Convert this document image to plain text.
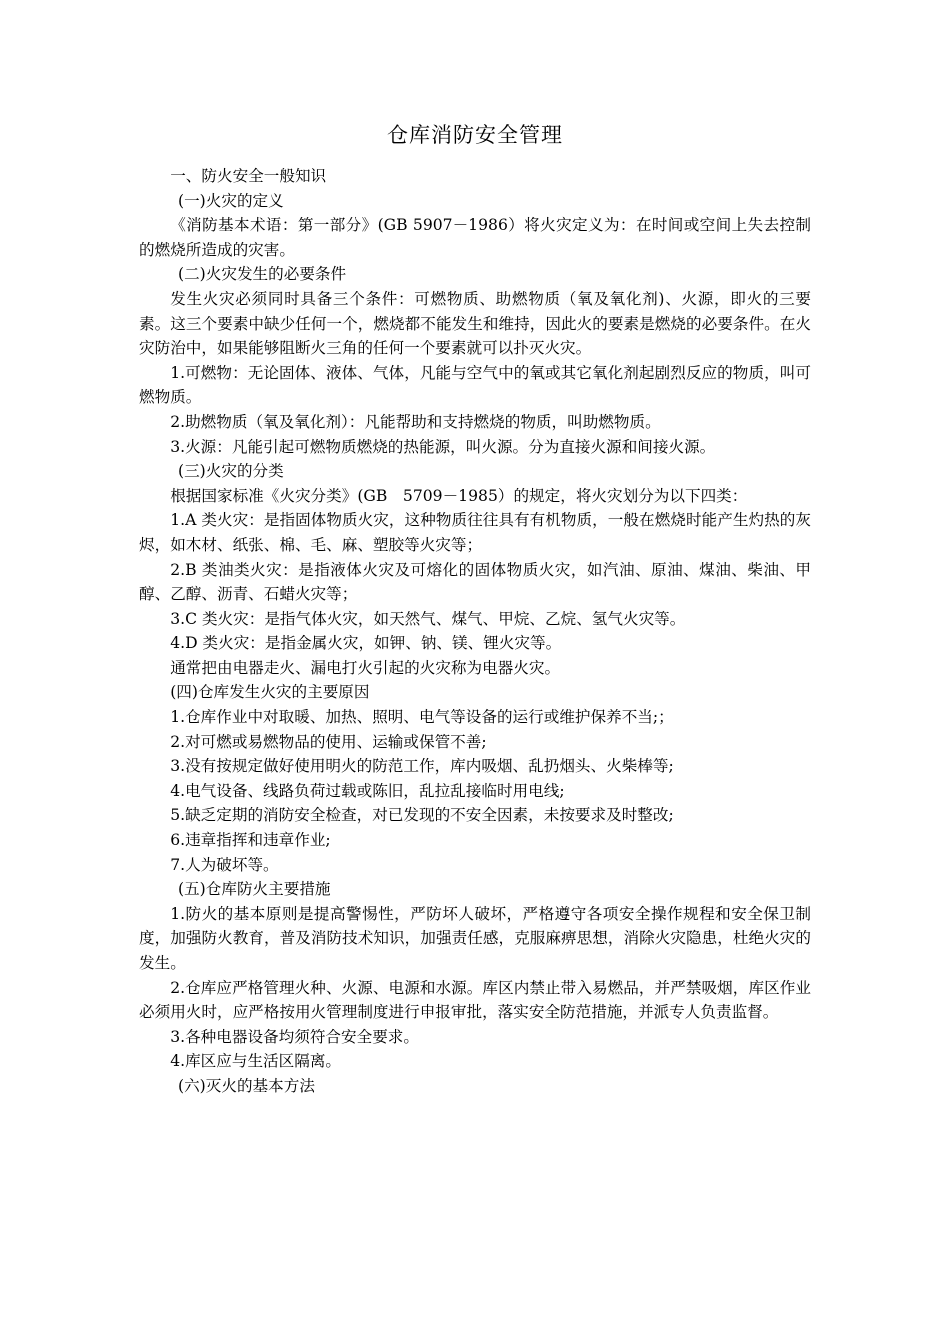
仓库消防安全管理

一、防火安全一般知识

(一)火灾的定义

《消防基本术语：第一部分》(GB 5907－1986）将火灾定义为：在时间或空间上失去控制的燃烧所造成的灾害。

(二)火灾发生的必要条件

发生火灾必须同时具备三个条件：可燃物质、助燃物质（氧及氧化剂)、火源，即火的三要素。这三个要素中缺少任何一个，燃烧都不能发生和维持，因此火的要素是燃烧的必要条件。在火灾防治中，如果能够阻断火三角的任何一个要素就可以扑灭火灾。

1.可燃物：无论固体、液体、气体，凡能与空气中的氧或其它氧化剂起剧烈反应的物质，叫可燃物质。

2.助燃物质（氧及氧化剂）：凡能帮助和支持燃烧的物质，叫助燃物质。

3.火源：凡能引起可燃物质燃烧的热能源，叫火源。分为直接火源和间接火源。

(三)火灾的分类

根据国家标准《火灾分类》(GB　5709－1985）的规定，将火灾划分为以下四类：

1.A 类火灾：是指固体物质火灾，这种物质往往具有有机物质，一般在燃烧时能产生灼热的灰烬，如木材、纸张、棉、毛、麻、塑胶等火灾等；

2.B 类油类火灾：是指液体火灾及可熔化的固体物质火灾，如汽油、原油、煤油、柴油、甲醇、乙醇、沥青、石蜡火灾等；

3.C 类火灾：是指气体火灾，如天然气、煤气、甲烷、乙烷、氢气火灾等。

4.D 类火灾：是指金属火灾，如钾、钠、镁、锂火灾等。

通常把由电器走火、漏电打火引起的火灾称为电器火灾。

(四)仓库发生火灾的主要原因

1.仓库作业中对取暖、加热、照明、电气等设备的运行或维护保养不当;；

2.对可燃或易燃物品的使用、运输或保管不善;

3.没有按规定做好使用明火的防范工作，库内吸烟、乱扔烟头、火柴棒等;

4.电气设备、线路负荷过载或陈旧，乱拉乱接临时用电线;

5.缺乏定期的消防安全检查，对已发现的不安全因素，未按要求及时整改;

6.违章指挥和违章作业;

7.人为破坏等。

(五)仓库防火主要措施

1.防火的基本原则是提高警惕性，严防坏人破坏，严格遵守各项安全操作规程和安全保卫制度，加强防火教育，普及消防技术知识，加强责任感，克服麻痹思想，消除火灾隐患，杜绝火灾的发生。

2.仓库应严格管理火种、火源、电源和水源。库区内禁止带入易燃品，并严禁吸烟，库区作业必须用火时，应严格按用火管理制度进行申报审批，落实安全防范措施，并派专人负责监督。

3.各种电器设备均须符合安全要求。

4.库区应与生活区隔离。

(六)灭火的基本方法
